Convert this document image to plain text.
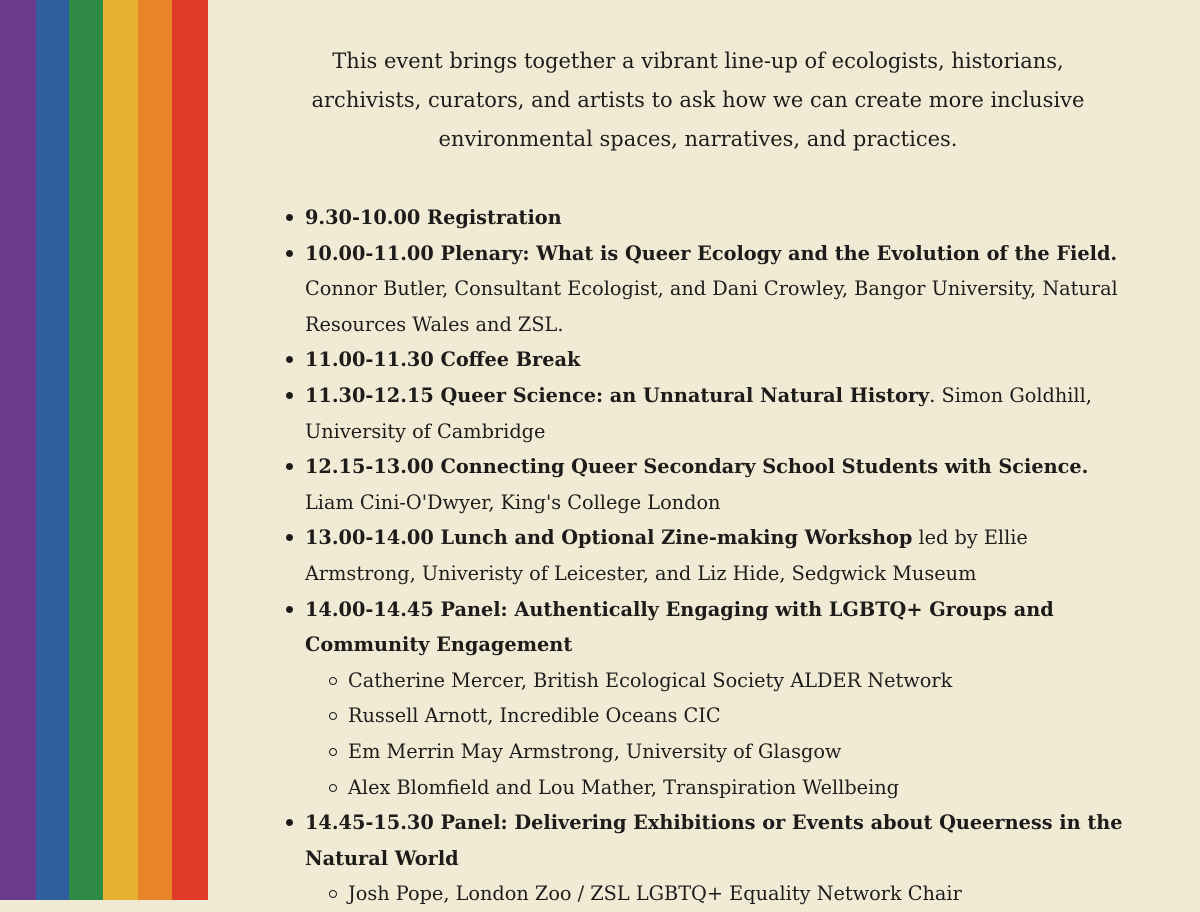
This event brings together a vibrant line-up of ecologists, historians, archivists, curators, and artists to ask how we can create more inclusive environmental spaces, narratives, and practices.

9.30-10.00 Registration
10.00-11.00 Plenary: What is Queer Ecology and the Evolution of the Field.
Connor Butler, Consultant Ecologist, and Dani Crowley, Bangor University, Natural Resources Wales and ZSL.
11.00-11.30 Coffee Break
11.30-12.15 Queer Science: an Unnatural Natural History. Simon Goldhill, University of Cambridge
12.15-13.00 Connecting Queer Secondary School Students with Science. Liam Cini-O'Dwyer, King's College London
13.00-14.00 Lunch and Optional Zine-making Workshop led by Ellie Armstrong, Univeristy of Leicester, and Liz Hide, Sedgwick Museum
14.00-14.45 Panel: Authentically Engaging with LGBTQ+ Groups and Community Engagement
Catherine Mercer, British Ecological Society ALDER Network
Russell Arnott, Incredible Oceans CIC
Em Merrin May Armstrong, University of Glasgow
Alex Blomfield and Lou Mather, Transpiration Wellbeing
14.45-15.30 Panel: Delivering Exhibitions or Events about Queerness in the Natural World
Josh Pope, London Zoo / ZSL LGBTQ+ Equality Network Chair
